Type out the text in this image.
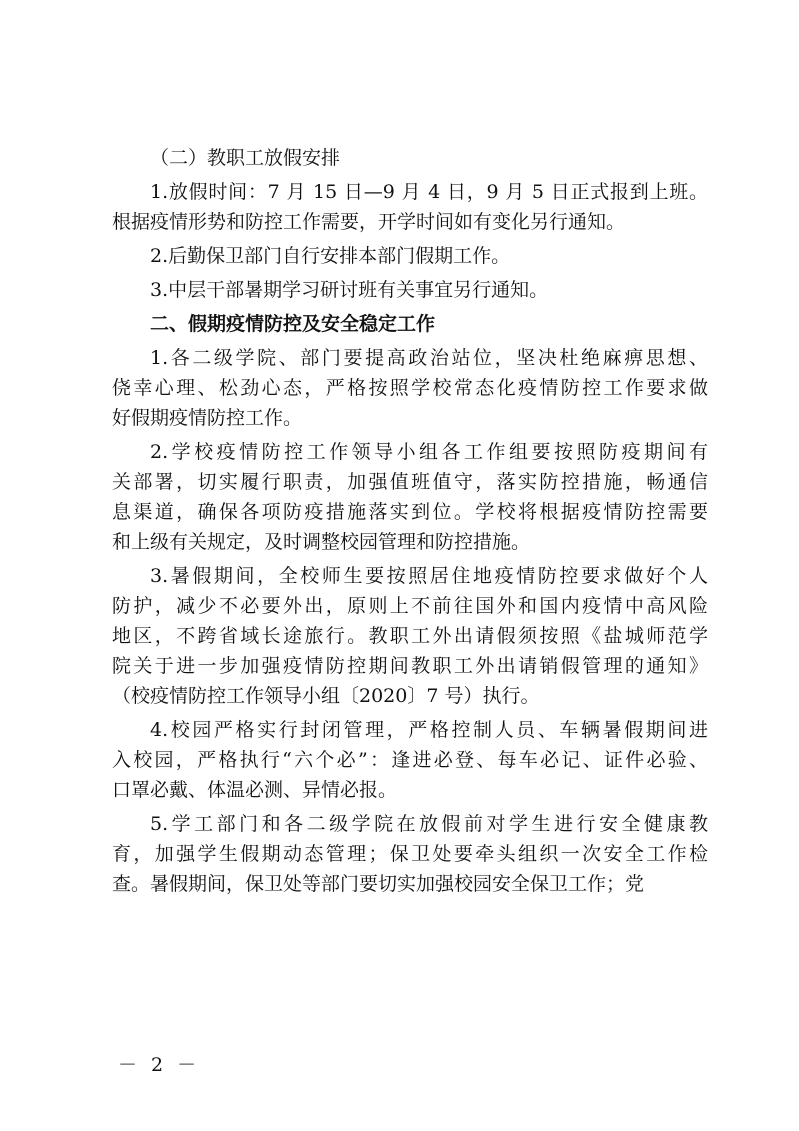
（二）教职工放假安排
1.放假时间：7 月 15 日—9 月 4 日，9 月 5 日正式报到上班。
根据疫情形势和防控工作需要，开学时间如有变化另行通知。
2.后勤保卫部门自行安排本部门假期工作。
3.中层干部暑期学习研讨班有关事宜另行通知。
二、假期疫情防控及安全稳定工作
1.各二级学院、部门要提高政治站位，坚决杜绝麻痹思想、
侥幸心理、松劲心态，严格按照学校常态化疫情防控工作要求做
好假期疫情防控工作。
2.学校疫情防控工作领导小组各工作组要按照防疫期间有
关部署，切实履行职责，加强值班值守，落实防控措施，畅通信
息渠道，确保各项防疫措施落实到位。学校将根据疫情防控需要
和上级有关规定，及时调整校园管理和防控措施。
3.暑假期间，全校师生要按照居住地疫情防控要求做好个人
防护，减少不必要外出，原则上不前往国外和国内疫情中高风险
地区，不跨省域长途旅行。教职工外出请假须按照《盐城师范学
院关于进一步加强疫情防控期间教职工外出请销假管理的通知》
（校疫情防控工作领导小组〔2020〕7 号）执行。
4.校园严格实行封闭管理，严格控制人员、车辆暑假期间进
入校园，严格执行“六个必”：逢进必登、每车必记、证件必验、
口罩必戴、体温必测、异情必报。
5.学工部门和各二级学院在放假前对学生进行安全健康教
育，加强学生假期动态管理；保卫处要牵头组织一次安全工作检
查。暑假期间，保卫处等部门要切实加强校园安全保卫工作；党
－ 2 －
